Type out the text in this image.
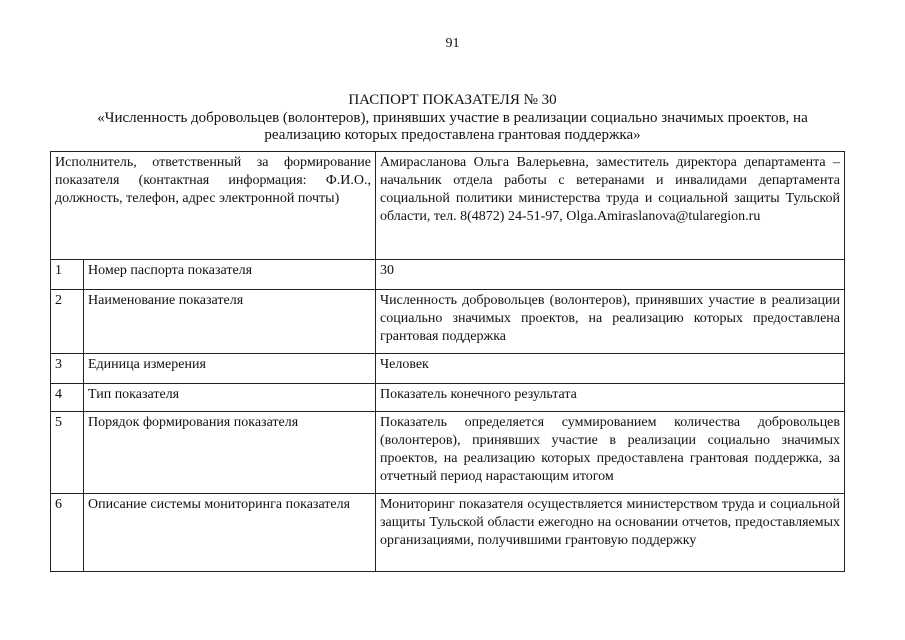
91
ПАСПОРТ ПОКАЗАТЕЛЯ № 30
«Численность добровольцев (волонтеров), принявших участие в реализации социально значимых проектов, на реализацию которых предоставлена грантовая поддержка»
Исполнитель, ответственный за формирование показателя (контактная информация: Ф.И.О., должность, телефон, адрес электронной почты)		Амирасланова Ольга Валерьевна, заместитель директора департамента – начальник отдела работы с ветеранами и инвалидами департамента социальной политики министерства труда и социальной защиты Тульской области, тел. 8(4872) 24-51-97, Olga.Amiraslanova@tularegion.ru
1	Номер паспорта показателя	30
2	Наименование показателя	Численность добровольцев (волонтеров), принявших участие в реализации социально значимых проектов, на реализацию которых предоставлена грантовая поддержка
3	Единица измерения	Человек
4	Тип показателя	Показатель конечного результата
5	Порядок формирования показателя	Показатель определяется суммированием количества добровольцев (волонтеров), принявших участие в реализации социально значимых проектов, на реализацию которых предоставлена грантовая поддержка, за отчетный период нарастающим итогом
6	Описание системы мониторинга показателя	Мониторинг показателя осуществляется министерством труда и социальной защиты Тульской области ежегодно на основании отчетов, предоставляемых организациями, получившими грантовую поддержку
